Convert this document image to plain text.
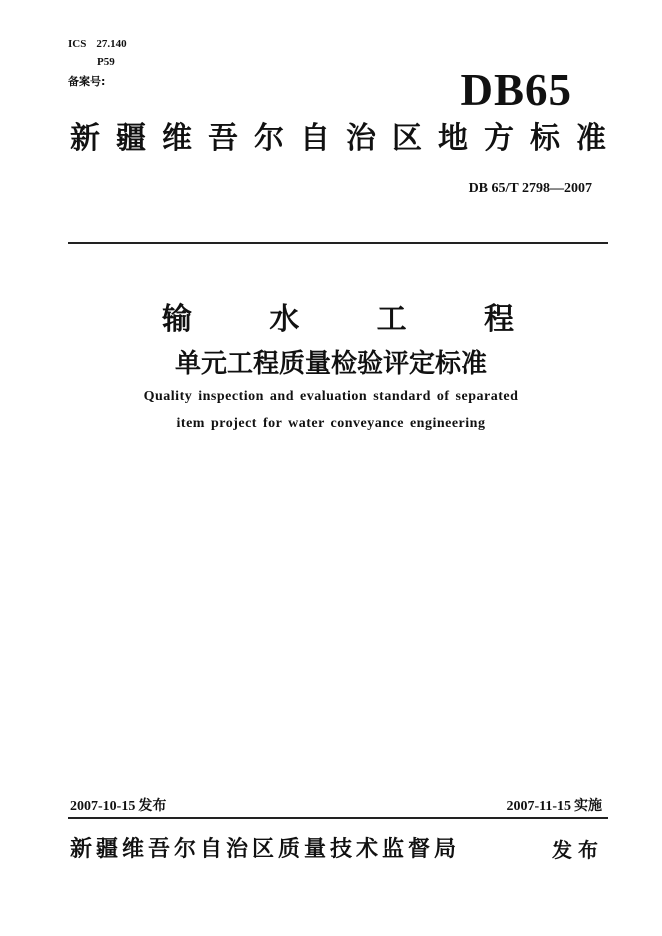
ICS 27.140
P59
备案号:	DB65
新疆维吾尔自治区地方标准
DB 65/T 2798—2007
输水工程
单元工程质量检验评定标准
Quality inspection and evaluation standard of separated
item project for water conveyance engineering
2007-10-15 发布	2007-11-15 实施
新疆维吾尔自治区质量技术监督局	发布
